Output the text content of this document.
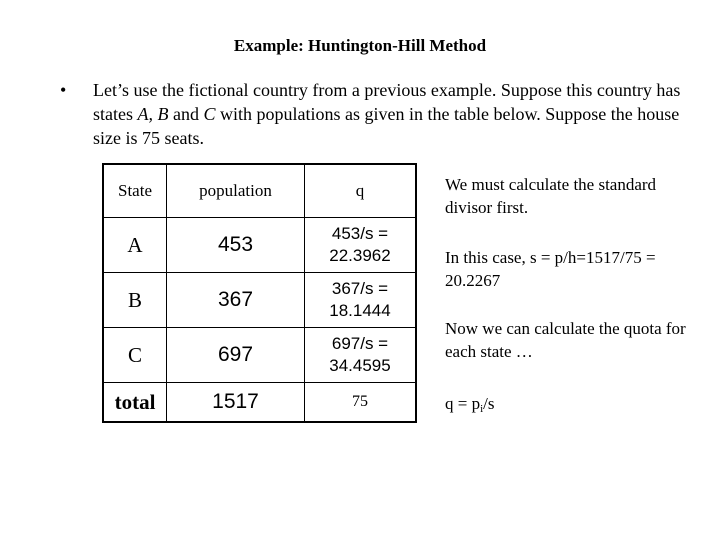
Example: Huntington-Hill Method
• Let’s use the fictional country from a previous example. Suppose this country has states A, B and C with populations as given in the table below. Suppose the house size is 75 seats.
State	population	q
A	453	453/s =
22.3962

B	367	367/s =
18.1444

C	697	697/s =
34.4595

total	1517	75
We must calculate the standard divisor first.
In this case, s = p/h=1517/75 = 20.2267
Now we can calculate the quota for each state …
$q = p_i/s$
